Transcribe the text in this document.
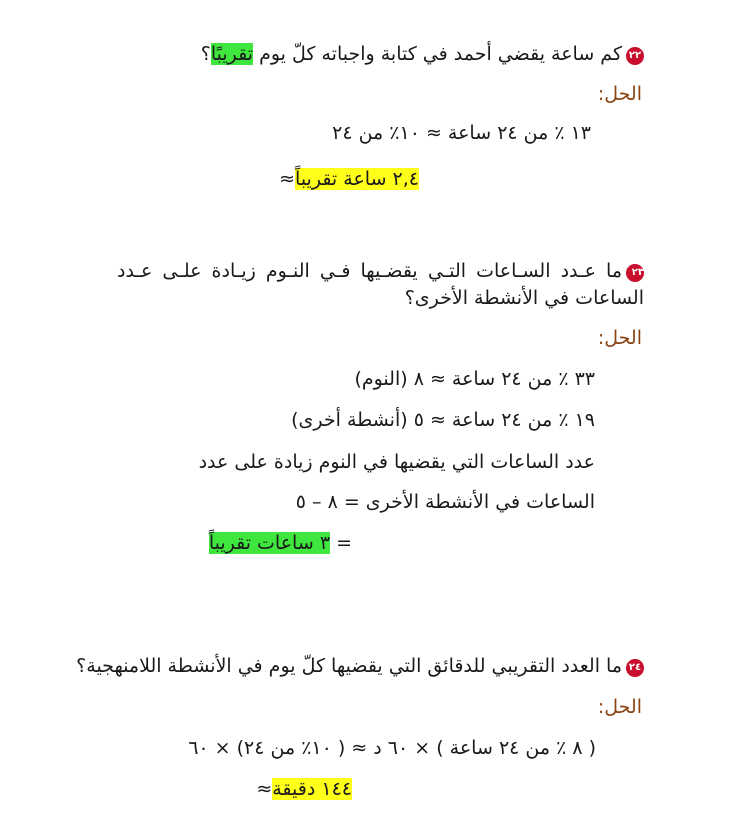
٢٢كم ساعة يقضي أحمد في كتابة واجباته كلّ يوم تقريبًا؟
الحل:
١٣ ٪ من ٢٤ ساعة ≈ ١٠٪ من ٢٤
٢,٤ ساعة تقريباً≈
٢٣ما عـدد السـاعات التـي يقضـيها فـي النـوم زيـادة علـى عـدد
الساعات في الأنشطة الأخرى؟
الحل:
٣٣ ٪ من ٢٤ ساعة ≈ ٨ (النوم)
١٩ ٪ من ٢٤ ساعة ≈ ٥ (أنشطة أخرى)
عدد الساعات التي يقضيها في النوم زيادة على عدد
الساعات في الأنشطة الأخرى = ٨ – ٥
= ٣ ساعات تقريباً
٢٤ما العدد التقريبي للدقائق التي يقضيها كلّ يوم في الأنشطة اللامنهجية؟
الحل:
( ٨ ٪ من ٢٤ ساعة ) × ٦٠ د ≈ ( ١٠٪ من ٢٤) × ٦٠
١٤٤ دقيقة≈
